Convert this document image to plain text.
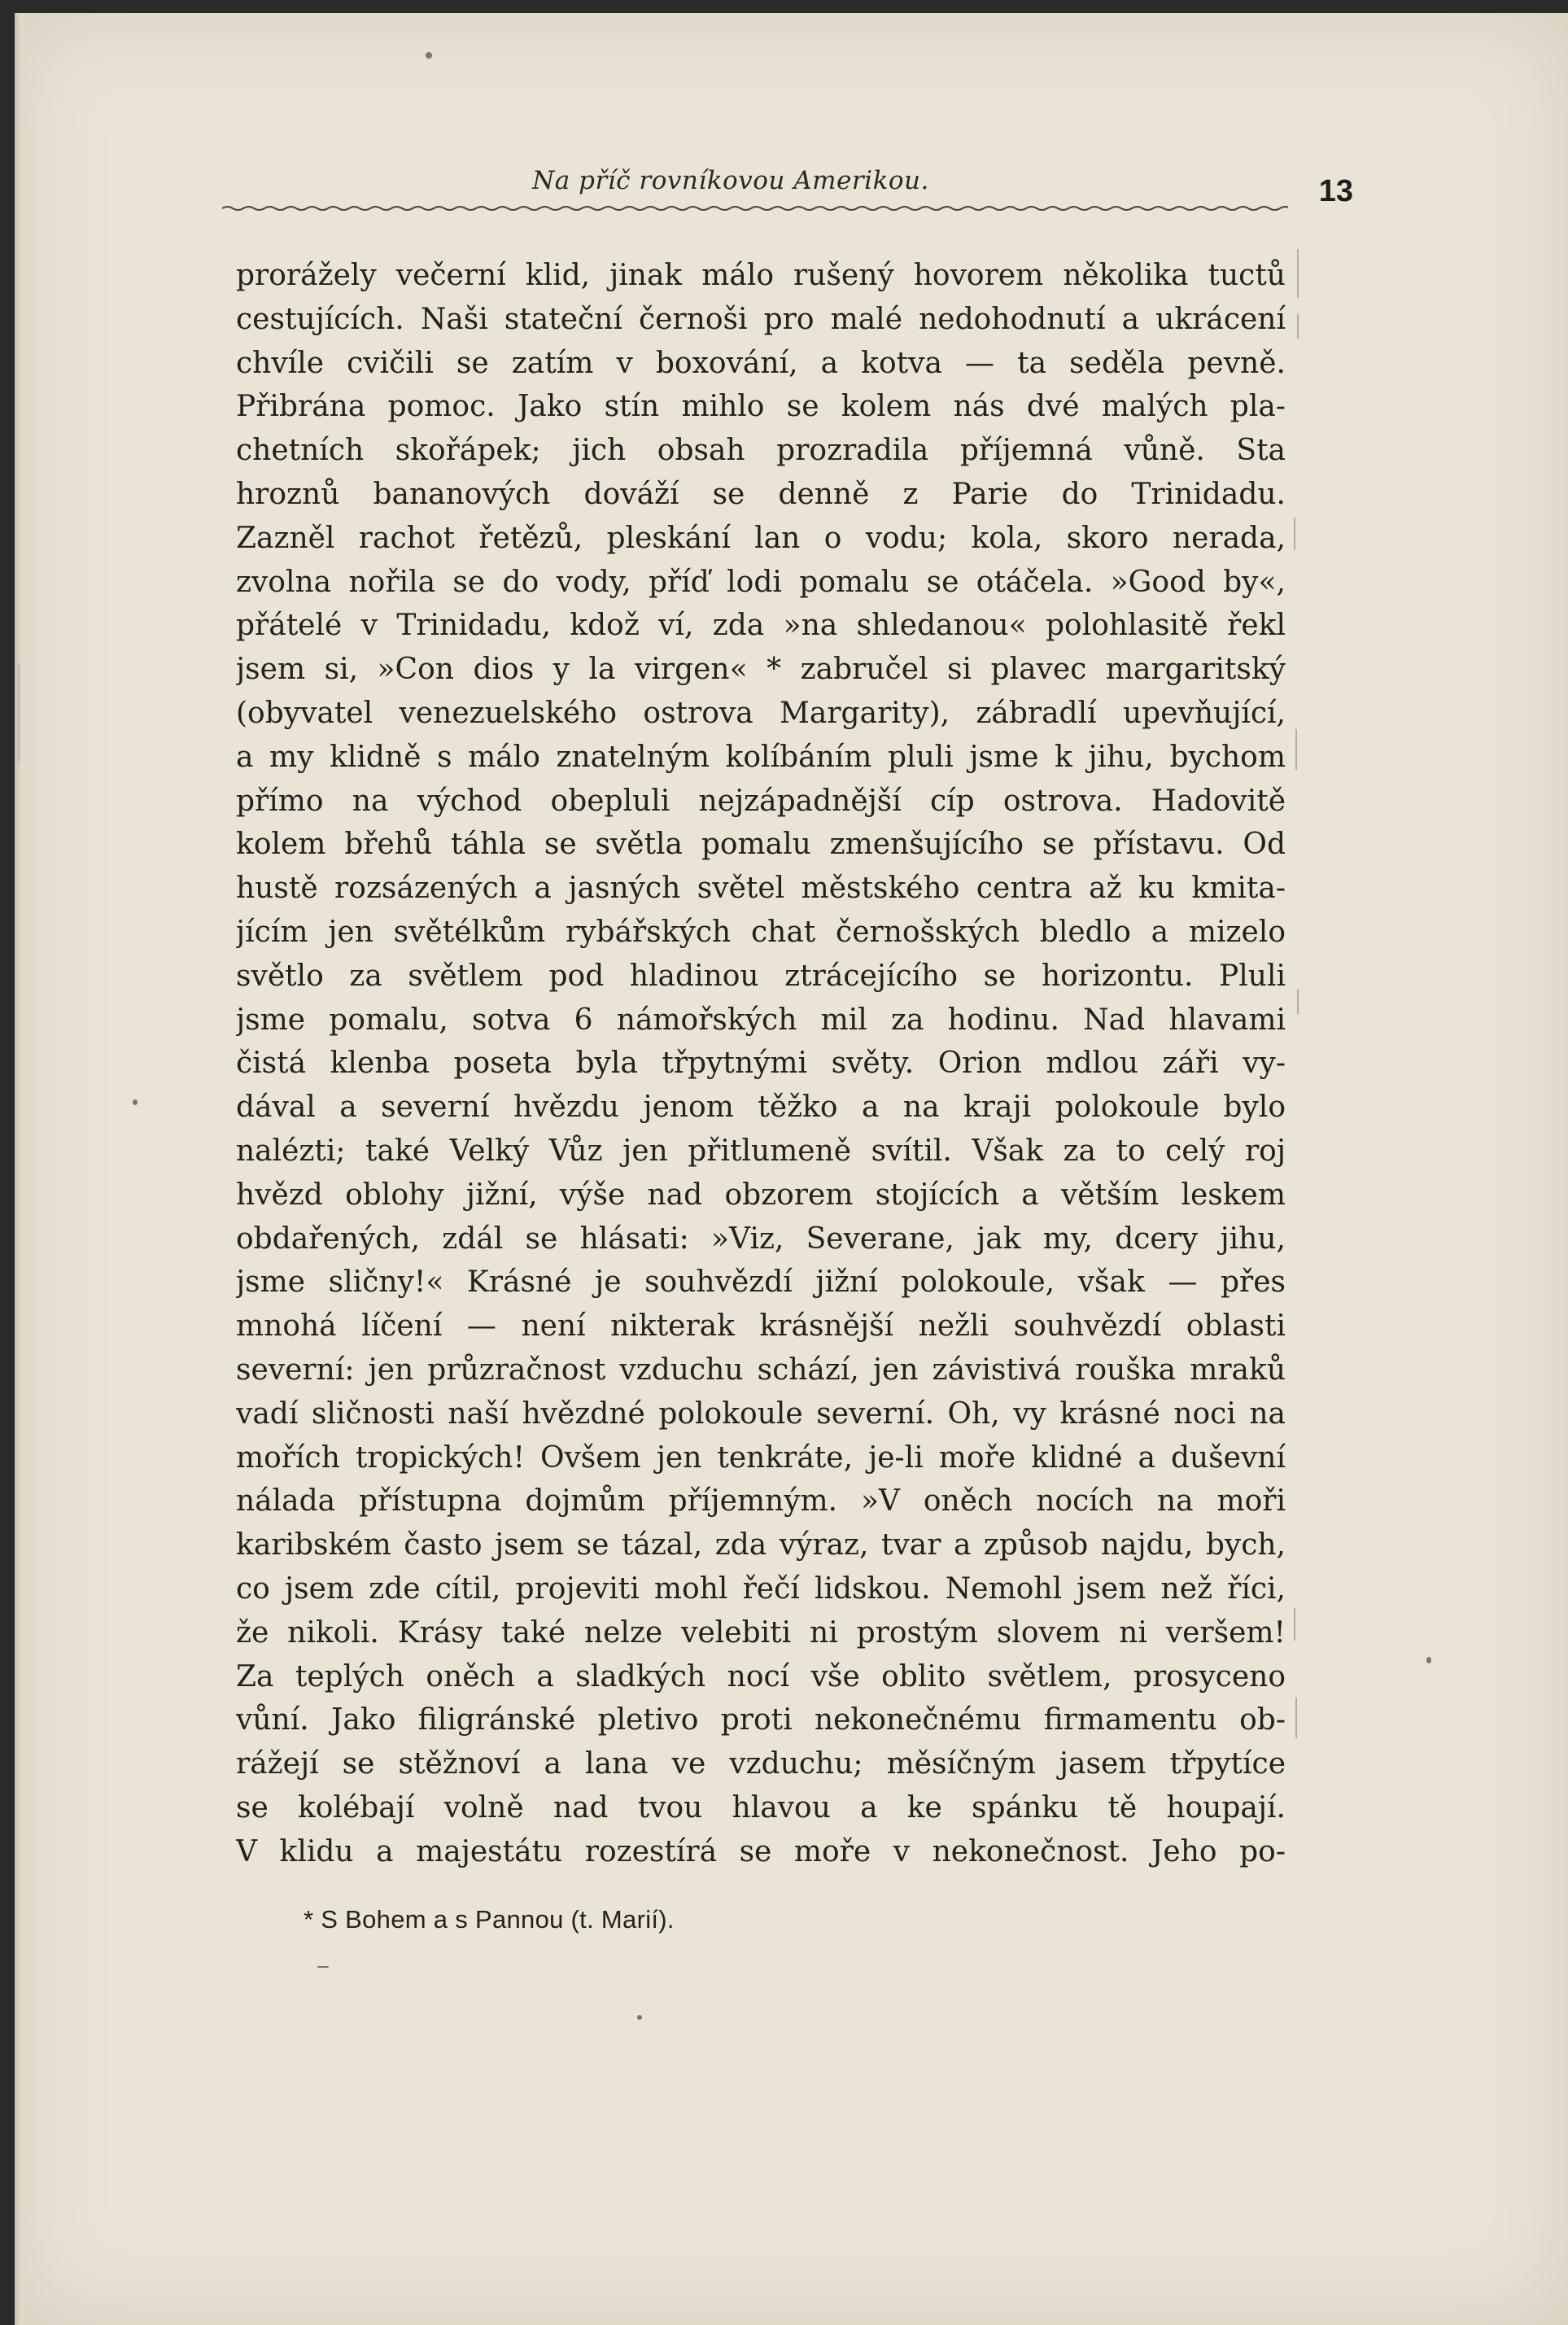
Na příč rovníkovou Amerikou.	13
prorážely večerní klid, jinak málo rušený hovorem několika tuctů
cestujících. Naši stateční černoši pro malé nedohodnutí a ukrácení
chvíle cvičili se zatím v boxování, a kotva — ta seděla pevně.
Přibrána pomoc. Jako stín mihlo se kolem nás dvé malých pla-
chetních skořápek; jich obsah prozradila příjemná vůně. Sta
hroznů bananových dováží se denně z Parie do Trinidadu.
Zazněl rachot řetězů, pleskání lan o vodu; kola, skoro nerada,
zvolna nořila se do vody, příď lodi pomalu se otáčela. »Good by«,
přátelé v Trinidadu, kdož ví, zda »na shledanou« polohlasitě řekl
jsem si, »Con dios y la virgen« * zabručel si plavec margaritský
(obyvatel venezuelského ostrova Margarity), zábradlí upevňující,
a my klidně s málo znatelným kolíbáním pluli jsme k jihu, bychom
přímo na východ obepluli nejzápadnější cíp ostrova. Hadovitě
kolem břehů táhla se světla pomalu zmenšujícího se přístavu. Od
hustě rozsázených a jasných světel městského centra až ku kmita-
jícím jen světélkům rybářských chat černošských bledlo a mizelo
světlo za světlem pod hladinou ztrácejícího se horizontu. Pluli
jsme pomalu, sotva 6 námořských mil za hodinu. Nad hlavami
čistá klenba poseta byla třpytnými světy. Orion mdlou záři vy-
dával a severní hvězdu jenom těžko a na kraji polokoule bylo
nalézti; také Velký Vůz jen přitlumeně svítil. Však za to celý roj
hvězd oblohy jižní, výše nad obzorem stojících a větším leskem
obdařených, zdál se hlásati: »Viz, Severane, jak my, dcery jihu,
jsme sličny!« Krásné je souhvězdí jižní polokoule, však — přes
mnohá líčení — není nikterak krásnější nežli souhvězdí oblasti
severní: jen průzračnost vzduchu schází, jen závistivá rouška mraků
vadí sličnosti naší hvězdné polokoule severní. Oh, vy krásné noci na
mořích tropických! Ovšem jen tenkráte, je-li moře klidné a duševní
nálada přístupna dojmům příjemným. »V oněch nocích na moři
karibském často jsem se tázal, zda výraz, tvar a způsob najdu, bych,
co jsem zde cítil, projeviti mohl řečí lidskou. Nemohl jsem než říci,
že nikoli. Krásy také nelze velebiti ni prostým slovem ni veršem!
Za teplých oněch a sladkých nocí vše oblito světlem, prosyceno
vůní. Jako filigránské pletivo proti nekonečnému firmamentu ob-
rážejí se stěžnoví a lana ve vzduchu; měsíčným jasem třpytíce
se kolébají volně nad tvou hlavou a ke spánku tě houpají.
V klidu a majestátu rozestírá se moře v nekonečnost. Jeho po-
* S Bohem a s Pannou (t. Marií).
